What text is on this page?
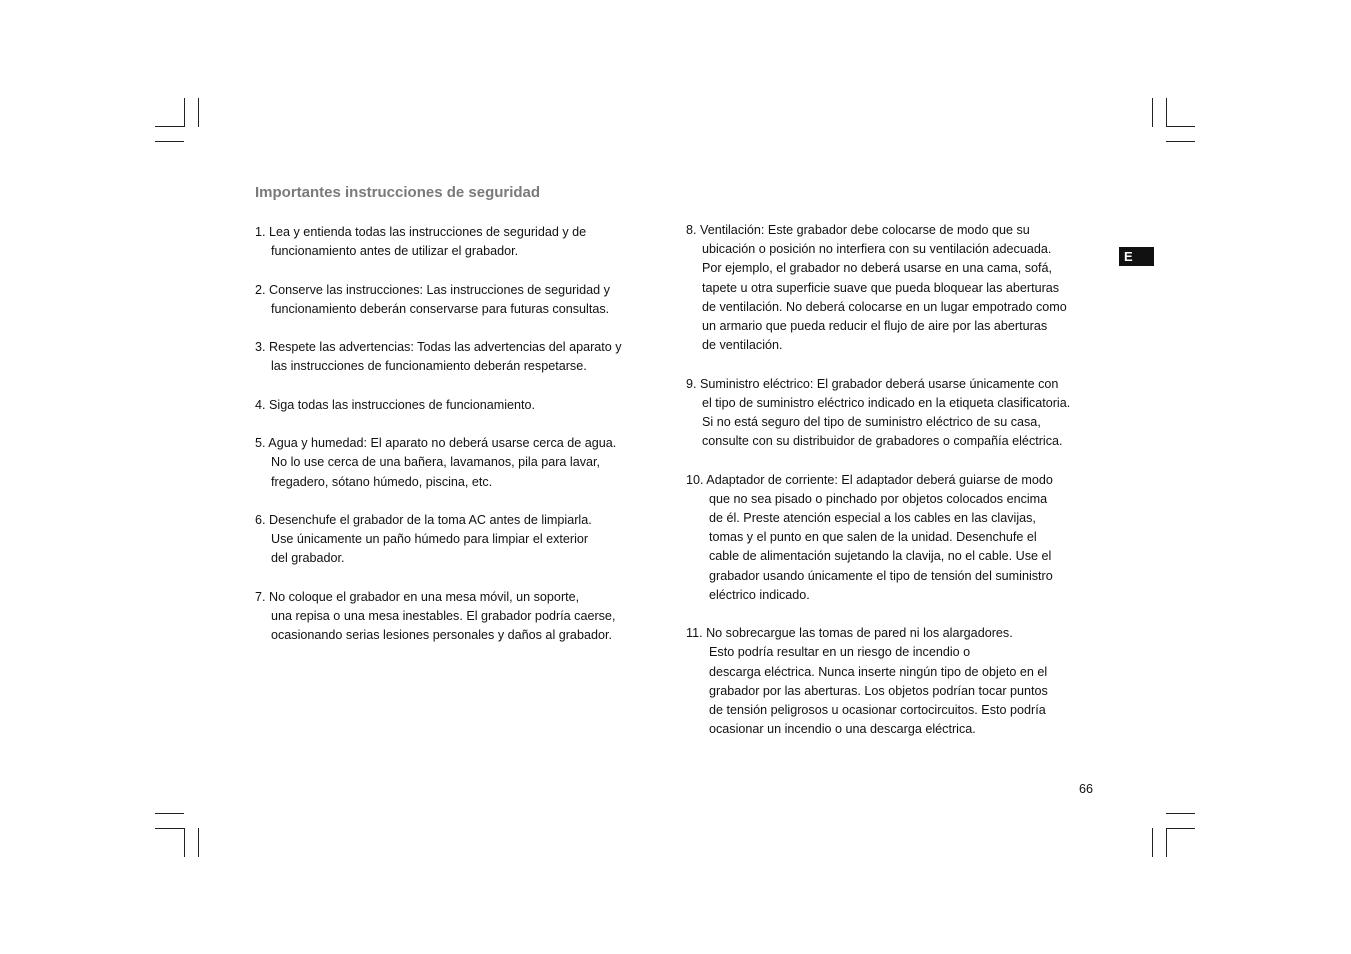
Importantes instrucciones de seguridad
1. Lea y entienda todas las instrucciones de seguridad y de
funcionamiento antes de utilizar el grabador.
2. Conserve las instrucciones: Las instrucciones de seguridad y
funcionamiento deberán conservarse para futuras consultas.
3. Respete las advertencias: Todas las advertencias del aparato y
las instrucciones de funcionamiento deberán respetarse.
4. Siga todas las instrucciones de funcionamiento.
5. Agua y humedad: El aparato no deberá usarse cerca de agua.
No lo use cerca de una bañera, lavamanos, pila para lavar,
fregadero, sótano húmedo, piscina, etc.
6. Desenchufe el grabador de la toma AC antes de limpiarla.
Use únicamente un paño húmedo para limpiar el exterior
del grabador.
7. No coloque el grabador en una mesa móvil, un soporte,
una repisa o una mesa inestables. El grabador podría caerse,
ocasionando serias lesiones personales y daños al grabador.
8. Ventilación: Este grabador debe colocarse de modo que su
ubicación o posición no interfiera con su ventilación adecuada.
Por ejemplo, el grabador no deberá usarse en una cama, sofá,
tapete u otra superficie suave que pueda bloquear las aberturas
de ventilación. No deberá colocarse en un lugar empotrado como
un armario que pueda reducir el flujo de aire por las aberturas
de ventilación.
9. Suministro eléctrico: El grabador deberá usarse únicamente con
el tipo de suministro eléctrico indicado en la etiqueta clasificatoria.
Si no está seguro del tipo de suministro eléctrico de su casa,
consulte con su distribuidor de grabadores o compañía eléctrica.
10. Adaptador de corriente: El adaptador deberá guiarse de modo
que no sea pisado o pinchado por objetos colocados encima
de él. Preste atención especial a los cables en las clavijas,
tomas y el punto en que salen de la unidad. Desenchufe el
cable de alimentación sujetando la clavija, no el cable. Use el
grabador usando únicamente el tipo de tensión del suministro
eléctrico indicado.
11. No sobrecargue las tomas de pared ni los alargadores.
Esto podría resultar en un riesgo de incendio o
descarga eléctrica. Nunca inserte ningún tipo de objeto en el
grabador por las aberturas. Los objetos podrían tocar puntos
de tensión peligrosos u ocasionar cortocircuitos. Esto podría
ocasionar un incendio o una descarga eléctrica.
E
66
